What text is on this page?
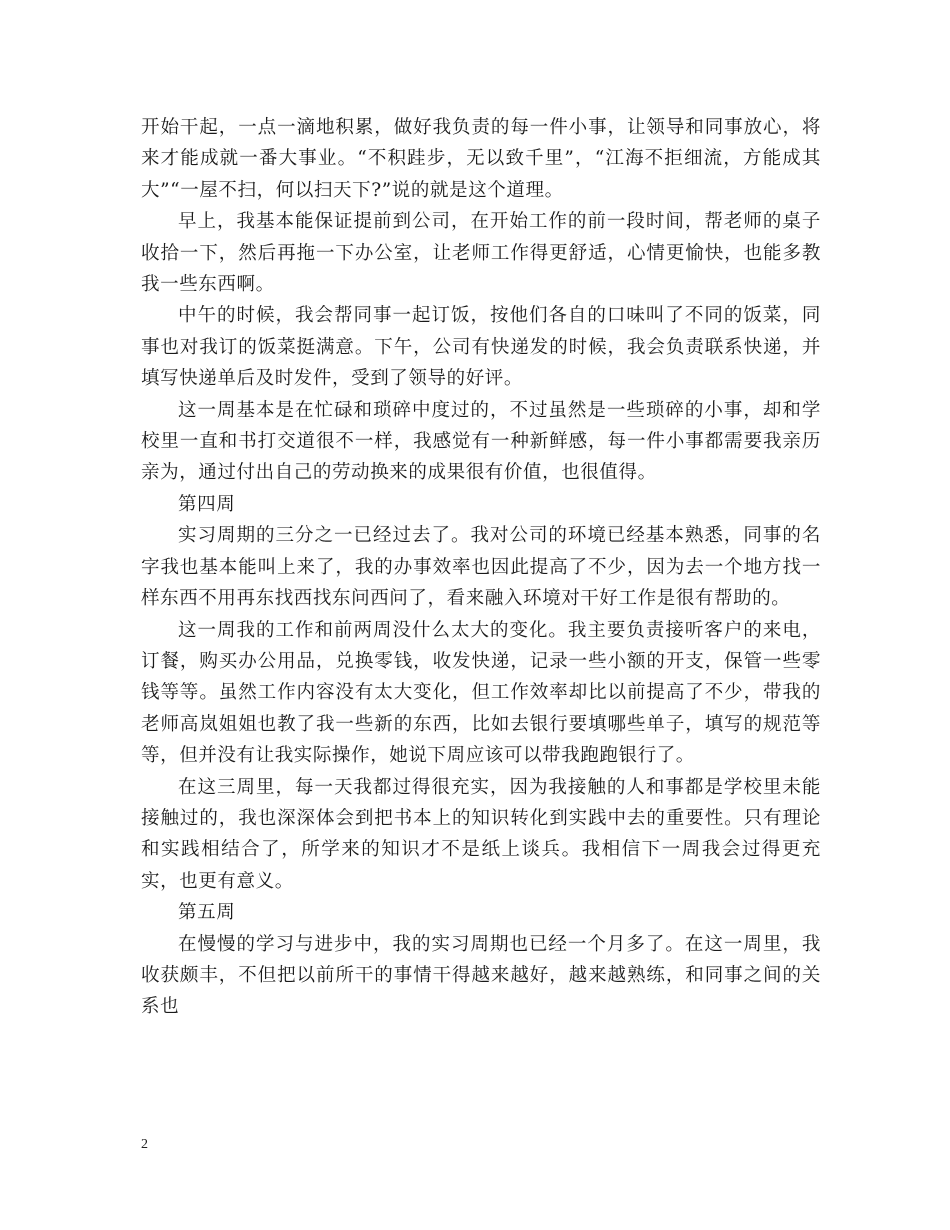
开始干起，一点一滴地积累，做好我负责的每一件小事，让领导和同事放心，将来才能成就一番大事业。“不积跬步，无以致千里”，“江海不拒细流，方能成其大”“一屋不扫，何以扫天下?”说的就是这个道理。

早上，我基本能保证提前到公司，在开始工作的前一段时间，帮老师的桌子收拾一下，然后再拖一下办公室，让老师工作得更舒适，心情更愉快，也能多教我一些东西啊。

中午的时候，我会帮同事一起订饭，按他们各自的口味叫了不同的饭菜，同事也对我订的饭菜挺满意。下午，公司有快递发的时候，我会负责联系快递，并填写快递单后及时发件，受到了领导的好评。

这一周基本是在忙碌和琐碎中度过的，不过虽然是一些琐碎的小事，却和学校里一直和书打交道很不一样，我感觉有一种新鲜感，每一件小事都需要我亲历亲为，通过付出自己的劳动换来的成果很有价值，也很值得。

第四周

实习周期的三分之一已经过去了。我对公司的环境已经基本熟悉，同事的名字我也基本能叫上来了，我的办事效率也因此提高了不少，因为去一个地方找一样东西不用再东找西找东问西问了，看来融入环境对干好工作是很有帮助的。

这一周我的工作和前两周没什么太大的变化。我主要负责接听客户的来电，订餐，购买办公用品，兑换零钱，收发快递，记录一些小额的开支，保管一些零钱等等。虽然工作内容没有太大变化，但工作效率却比以前提高了不少，带我的老师高岚姐姐也教了我一些新的东西，比如去银行要填哪些单子，填写的规范等等，但并没有让我实际操作，她说下周应该可以带我跑跑银行了。

在这三周里，每一天我都过得很充实，因为我接触的人和事都是学校里未能接触过的，我也深深体会到把书本上的知识转化到实践中去的重要性。只有理论和实践相结合了，所学来的知识才不是纸上谈兵。我相信下一周我会过得更充实，也更有意义。

第五周

在慢慢的学习与进步中，我的实习周期也已经一个月多了。在这一周里，我收获颇丰，不但把以前所干的事情干得越来越好，越来越熟练，和同事之间的关系也

2
